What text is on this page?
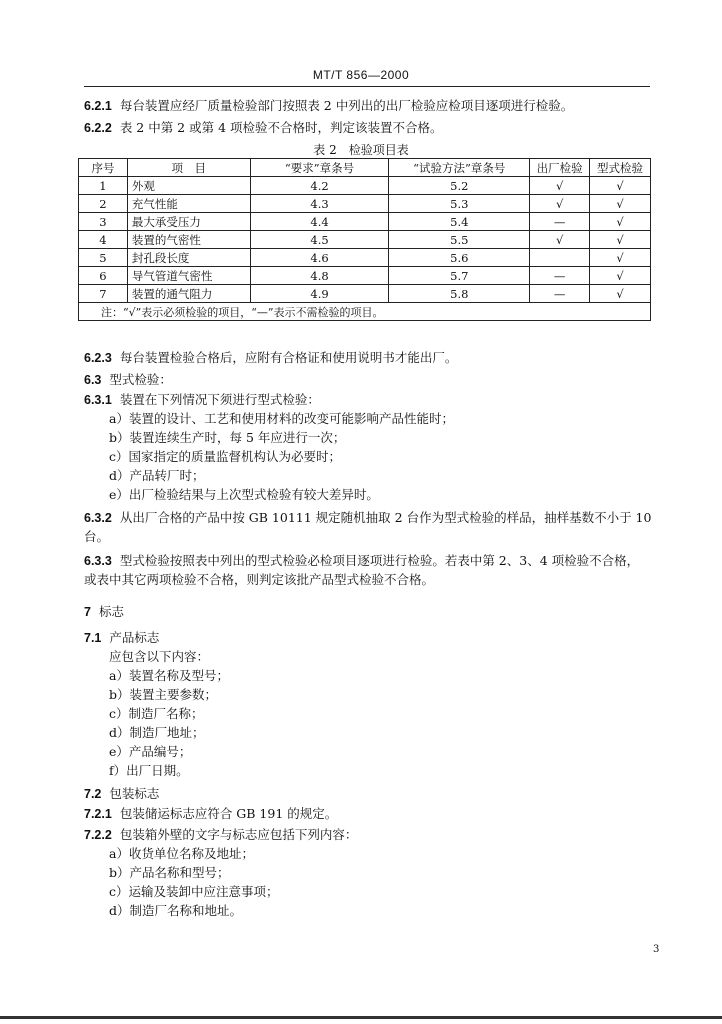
MT/T 856—2000
6.2.1 每台装置应经厂质量检验部门按照表 2 中列出的出厂检验应检项目逐项进行检验。
6.2.2 表 2 中第 2 或第 4 项检验不合格时，判定该装置不合格。
表 2　检验项目表
序号	项　目	“要求”章条号	“试验方法”章条号	出厂检验	型式检验
1	外观	4.2	5.2	√	√
2	充气性能	4.3	5.3	√	√
3	最大承受压力	4.4	5.4	—	√
4	装置的气密性	4.5	5.5	√	√
5	封孔段长度	4.6	5.6		√
6	导气管道气密性	4.8	5.7	—	√
7	装置的通气阻力	4.9	5.8	—	√
注：“√”表示必须检验的项目，“—”表示不需检验的项目。					
6.2.3 每台装置检验合格后，应附有合格证和使用说明书才能出厂。
6.3 型式检验：
6.3.1 装置在下列情况下须进行型式检验：
a）装置的设计、工艺和使用材料的改变可能影响产品性能时；
b）装置连续生产时，每 5 年应进行一次；
c）国家指定的质量监督机构认为必要时；
d）产品转厂时；
e）出厂检验结果与上次型式检验有较大差异时。
6.3.2 从出厂合格的产品中按 GB 10111 规定随机抽取 2 台作为型式检验的样品，抽样基数不小于 10
台。
6.3.3 型式检验按照表中列出的型式检验必检项目逐项进行检验。若表中第 2、3、4 项检验不合格，
或表中其它两项检验不合格，则判定该批产品型式检验不合格。
7 标志
7.1 产品标志
应包含以下内容：
a）装置名称及型号；
b）装置主要参数；
c）制造厂名称；
d）制造厂地址；
e）产品编号；
f）出厂日期。
7.2 包装标志
7.2.1 包装储运标志应符合 GB 191 的规定。
7.2.2 包装箱外壁的文字与标志应包括下列内容：
a）收货单位名称及地址；
b）产品名称和型号；
c）运输及装卸中应注意事项；
d）制造厂名称和地址。
3
